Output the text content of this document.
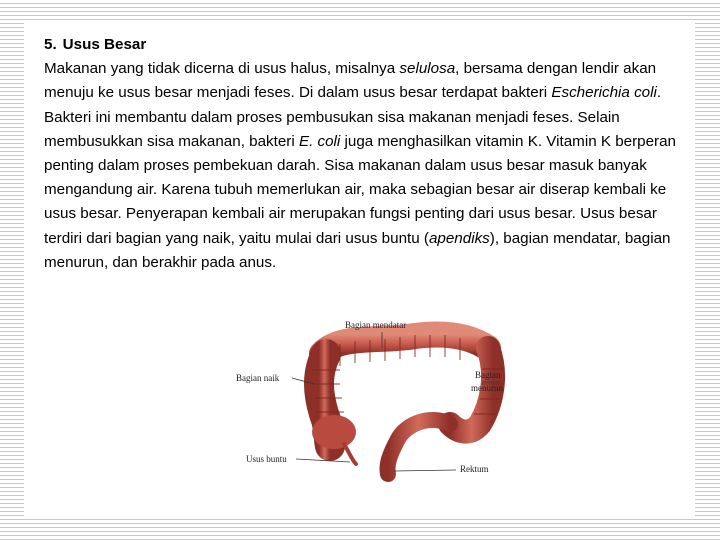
5. Usus Besar
Makanan yang tidak dicerna di usus halus, misalnya selulosa, bersama dengan lendir akan menuju ke usus besar menjadi feses. Di dalam usus besar terdapat bakteri Escherichia coli. Bakteri ini membantu dalam proses pembusukan sisa makanan menjadi feses. Selain membusukkan sisa makanan, bakteri E. coli juga menghasilkan vitamin K. Vitamin K berperan penting dalam proses pembekuan darah. Sisa makanan dalam usus besar masuk banyak mengandung air. Karena tubuh memerlukan air, maka sebagian besar air diserap kembali ke usus besar. Penyerapan kembali air merupakan fungsi penting dari usus besar. Usus besar terdiri dari bagian yang naik, yaitu mulai dari usus buntu (apendiks), bagian mendatar, bagian menurun, dan berakhir pada anus.
Bagian mendatar
Bagian naik	Bagian
menurun
Usus buntu
Rektum
